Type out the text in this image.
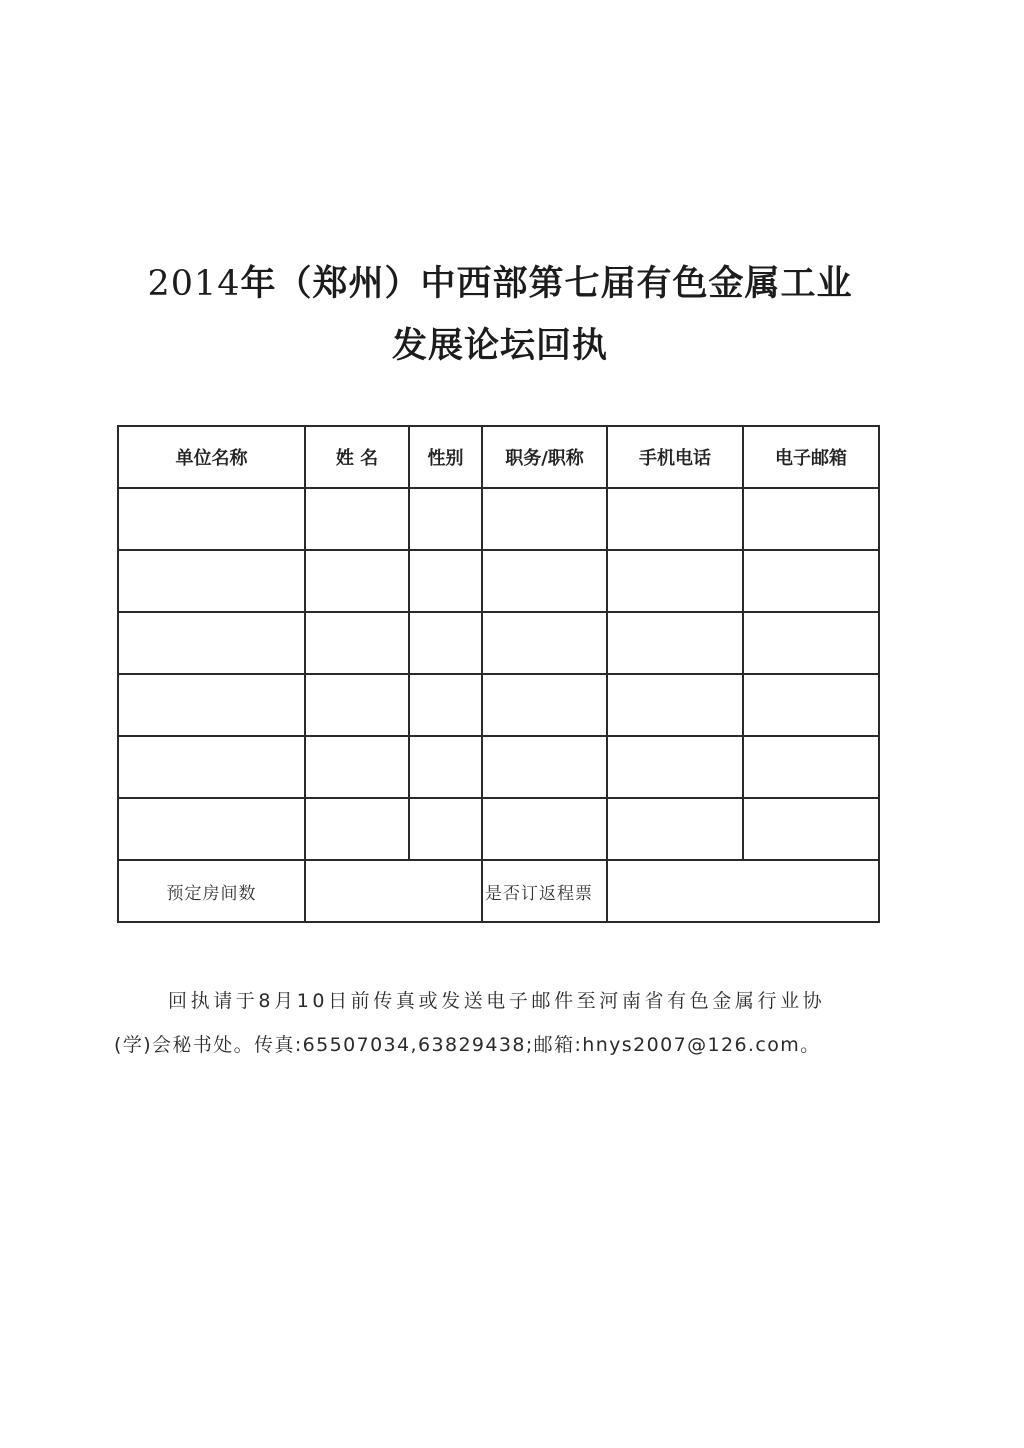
2014年（郑州）中西部第七届有色金属工业
发展论坛回执
单位名称	姓 名	性别	职务/职称	手机电话	电子邮箱

预定房间数			是否订返程票		

回执请于8月10日前传真或发送电子邮件至河南省有色金属行业协

(学)会秘书处。传真:65507034,63829438;邮箱:hnys2007@126.com。
